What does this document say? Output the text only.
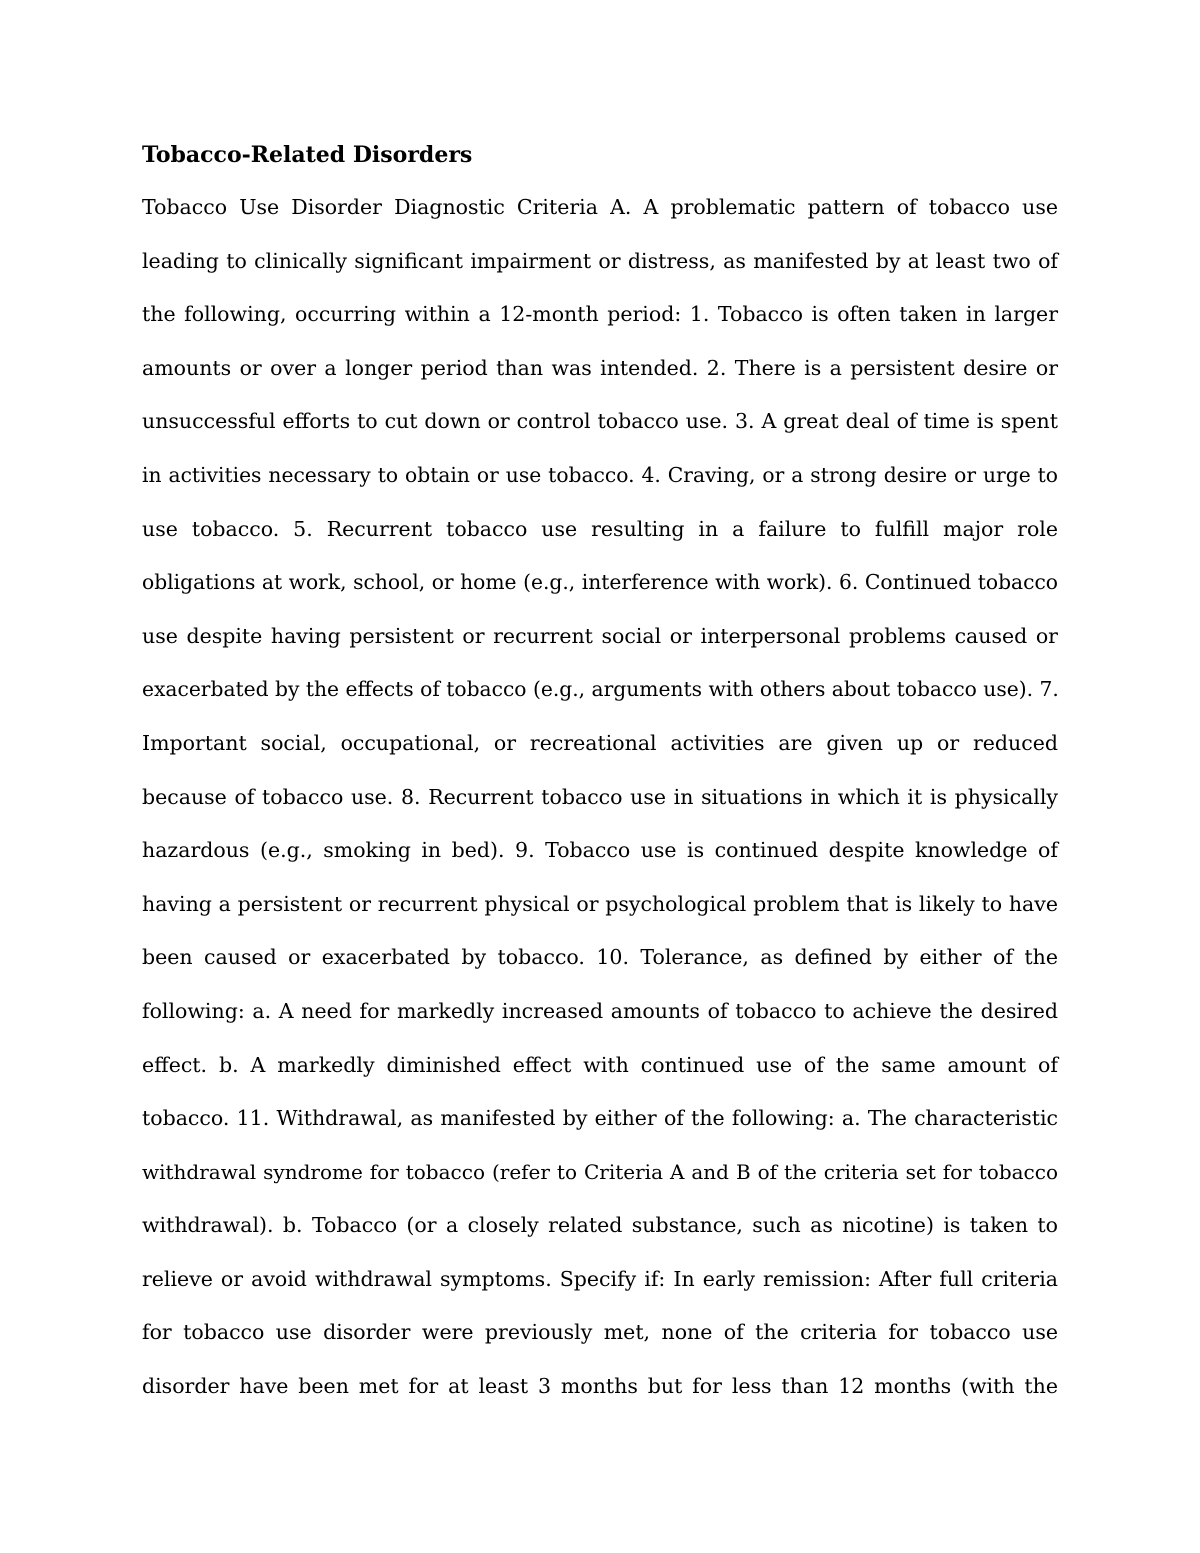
Tobacco-Related Disorders
Tobacco Use Disorder Diagnostic Criteria A. A problematic pattern of tobacco use
leading to clinically significant impairment or distress, as manifested by at least two of
the following, occurring within a 12-month period: 1. Tobacco is often taken in larger
amounts or over a longer period than was intended. 2. There is a persistent desire or
unsuccessful efforts to cut down or control tobacco use. 3. A great deal of time is spent
in activities necessary to obtain or use tobacco. 4. Craving, or a strong desire or urge to
use tobacco. 5. Recurrent tobacco use resulting in a failure to fulfill major role
obligations at work, school, or home (e.g., interference with work). 6. Continued tobacco
use despite having persistent or recurrent social or interpersonal problems caused or
exacerbated by the effects of tobacco (e.g., arguments with others about tobacco use). 7.
Important social, occupational, or recreational activities are given up or reduced
because of tobacco use. 8. Recurrent tobacco use in situations in which it is physically
hazardous (e.g., smoking in bed). 9. Tobacco use is continued despite knowledge of
having a persistent or recurrent physical or psychological problem that is likely to have
been caused or exacerbated by tobacco. 10. Tolerance, as defined by either of the
following: a. A need for markedly increased amounts of tobacco to achieve the desired
effect. b. A markedly diminished effect with continued use of the same amount of
tobacco. 11. Withdrawal, as manifested by either of the following: a. The characteristic
withdrawal syndrome for tobacco (refer to Criteria A and B of the criteria set for tobacco
withdrawal). b. Tobacco (or a closely related substance, such as nicotine) is taken to
relieve or avoid withdrawal symptoms. Specify if: In early remission: After full criteria
for tobacco use disorder were previously met, none of the criteria for tobacco use
disorder have been met for at least 3 months but for less than 12 months (with the
